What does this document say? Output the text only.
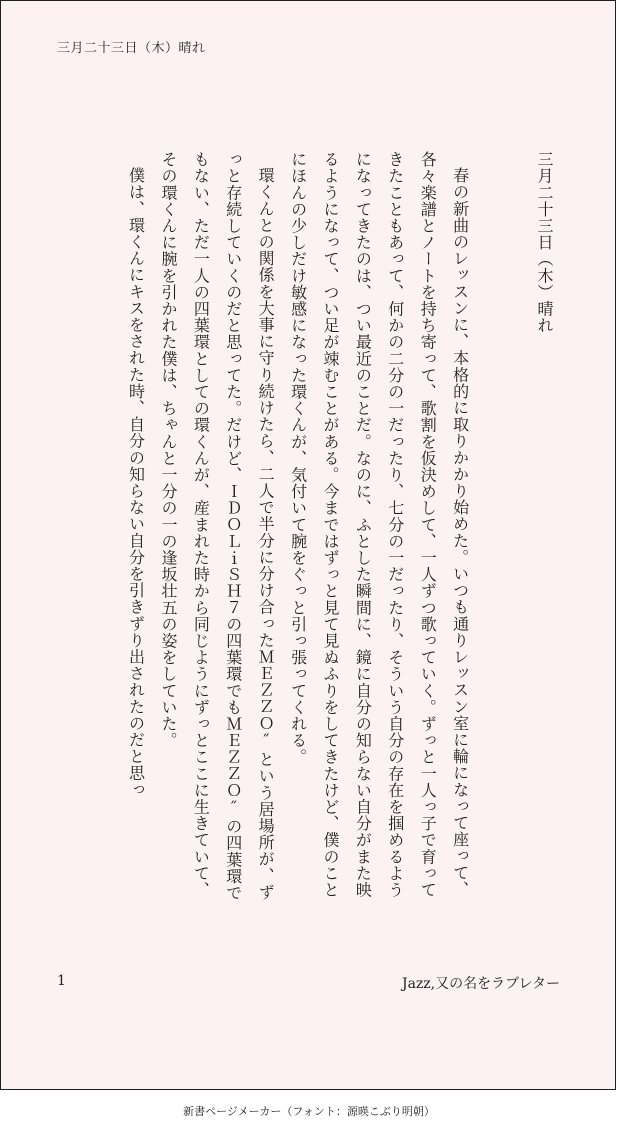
三月二十三日（木）晴れ

三月二十三日（木）晴れ

春の新曲のレッスンに、本格的に取りかかり始めた。いつも通りレッスン室に輪になって座って、各々楽譜とノートを持ち寄って、歌割を仮決めして、一人ずつ歌っていく。ずっと一人っ子で育ってきたこともあって、何かの二分の一だったり、七分の一だったり、そういう自分の存在を掴めるようになってきたのは、つい最近のことだ。なのに、ふとした瞬間に、鏡に自分の知らない自分がまた映るようになって、つい足が竦むことがある。今まではずっと見て見ぬふりをしてきたけど、僕のことにほんの少しだけ敏感になった環くんが、気付いて腕をぐっと引っ張ってくれる。

環くんとの関係を大事に守り続けたら、二人で半分に分け合ったＭＥＺＺＯ˝という居場所が、ずっと存続していくのだと思ってた。だけど、ＩＤＯＬｉＳＨ７の四葉環でもＭＥＺＺＯ˝の四葉環でもない、ただ一人の四葉環としての環くんが、産まれた時から同じようにずっとここに生きていて、その環くんに腕を引かれた僕は、ちゃんと一分の一の逢坂壮五の姿をしていた。

僕は、環くんにキスをされた時、自分の知らない自分を引きずり出されたのだと思っ

1	Jazz,又の名をラブレター
新書ページメーカー（フォント：源暎こぶり明朝）
